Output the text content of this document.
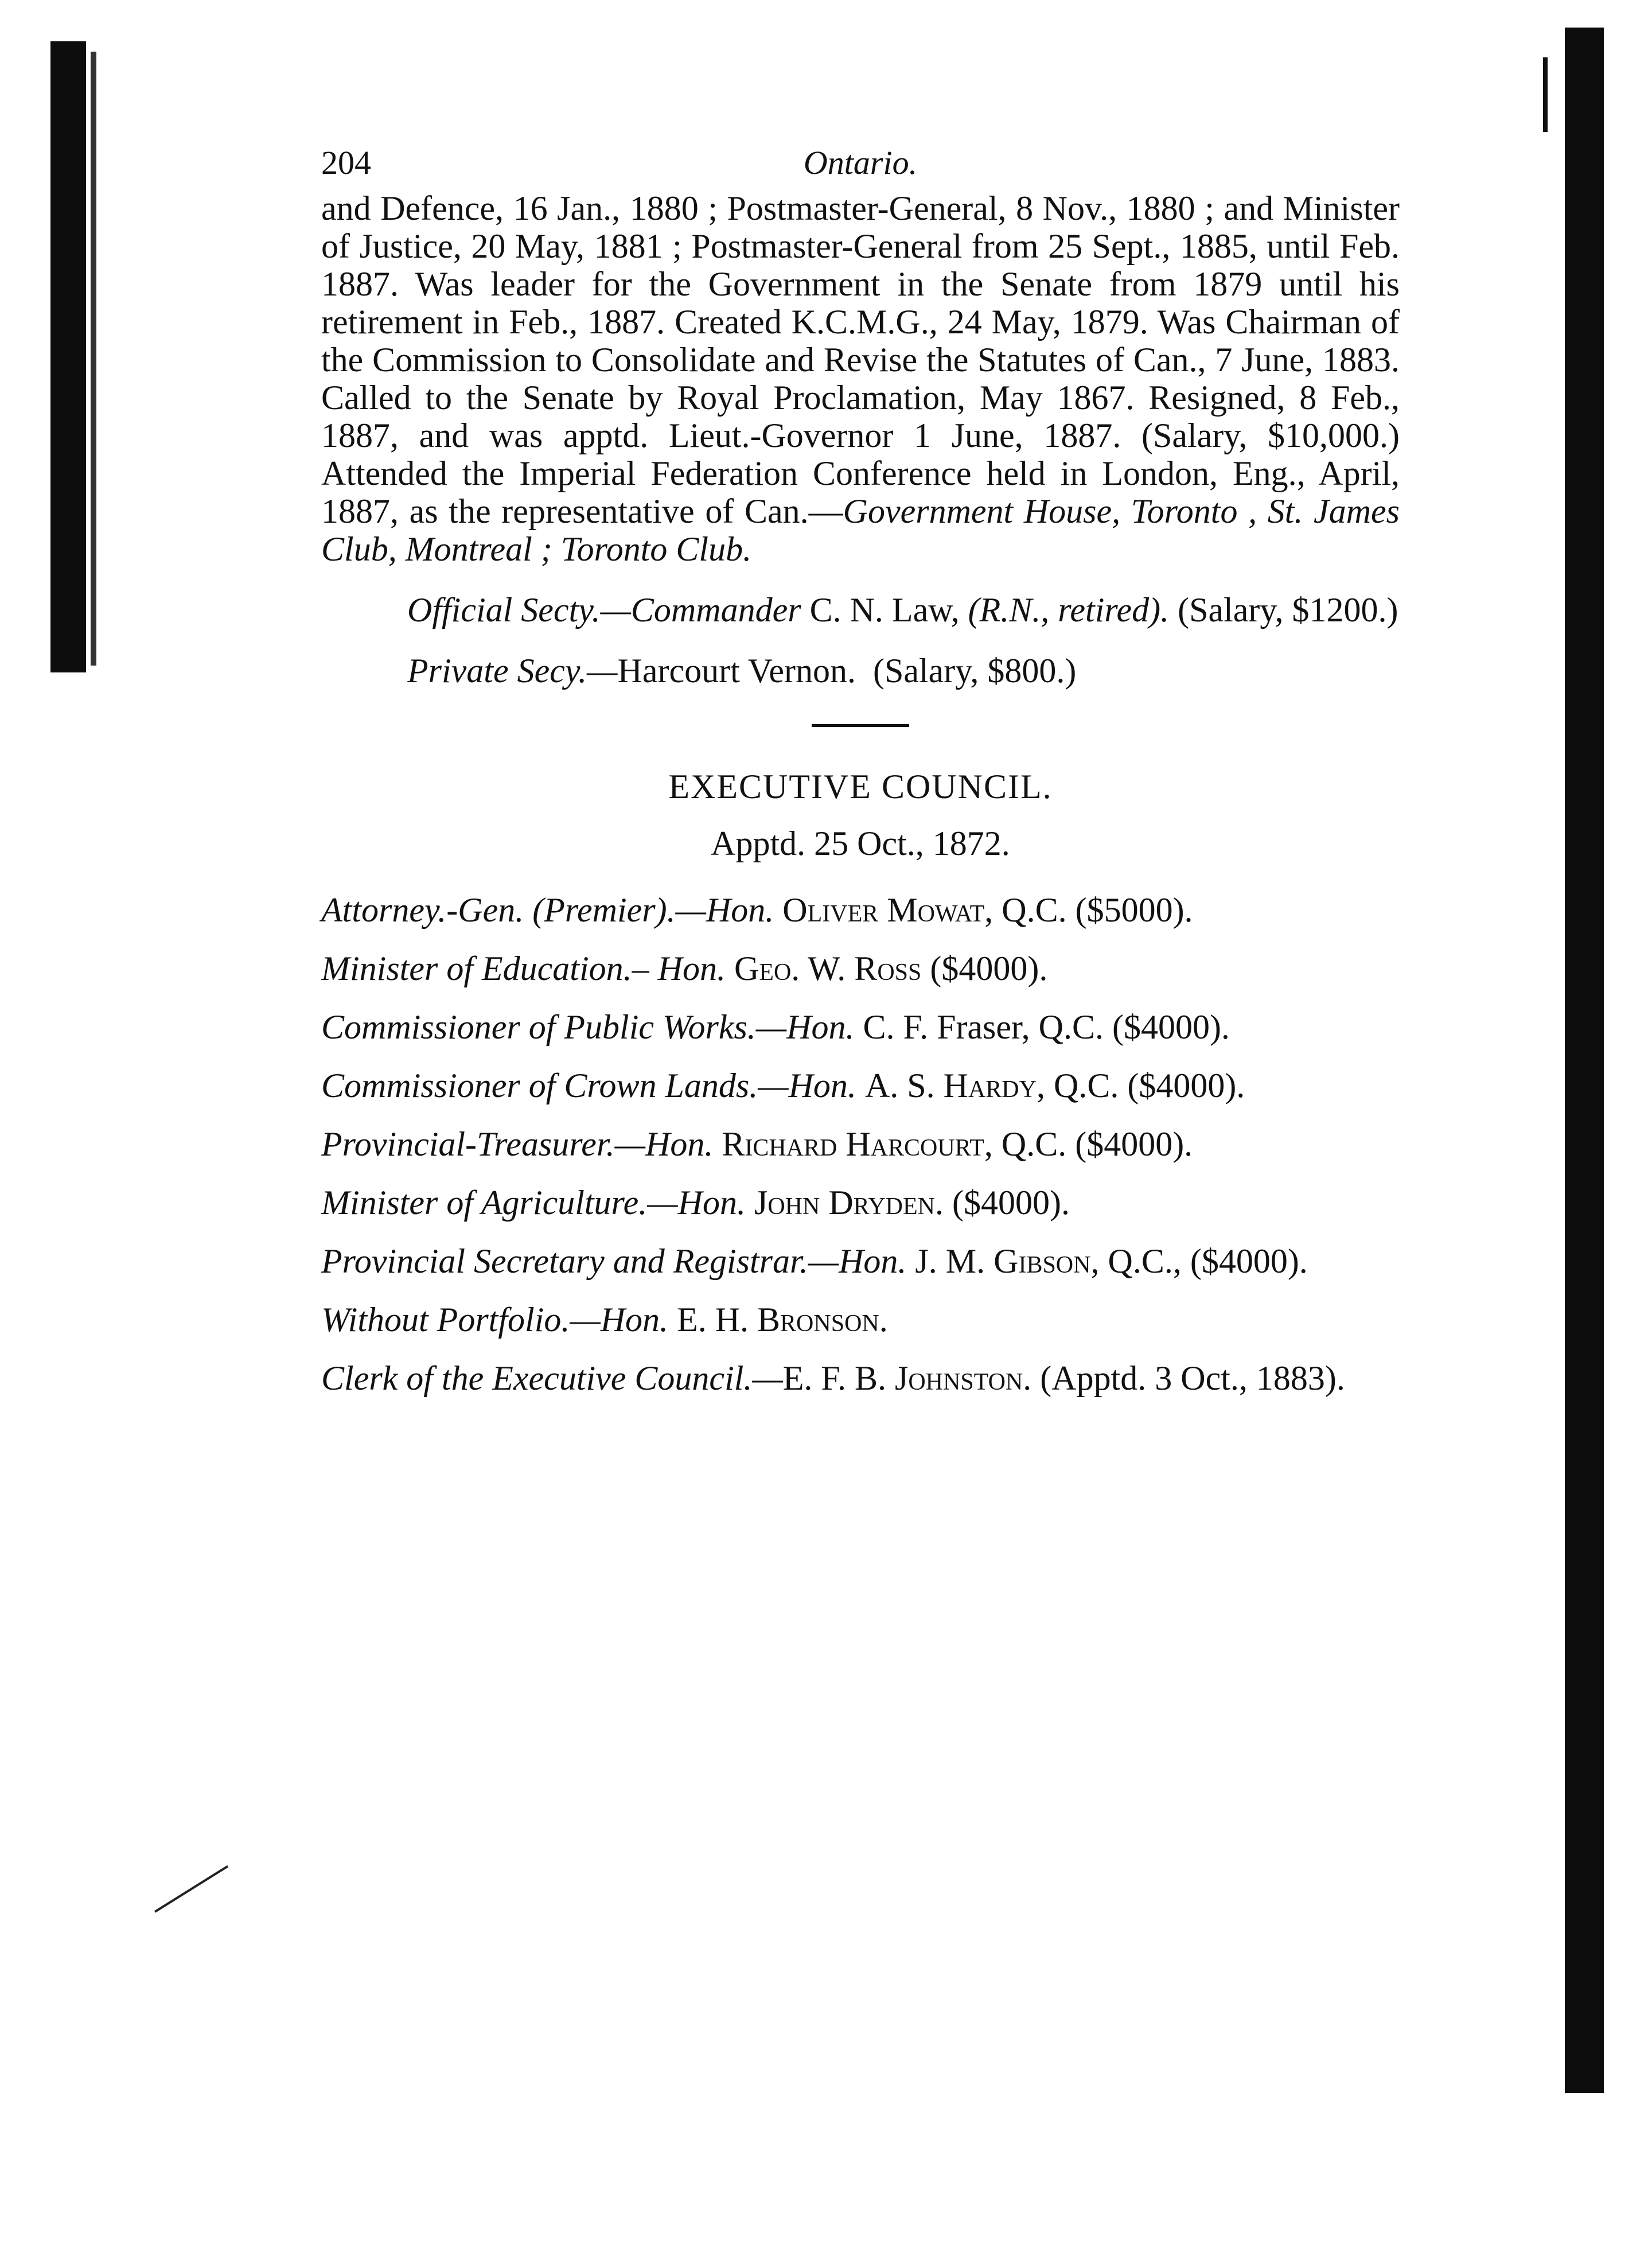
204	Ontario.

and Defence, 16 Jan., 1880 ; Postmaster-General, 8 Nov., 1880 ; and Minister of Justice, 20 May, 1881 ; Postmaster-General from 25 Sept., 1885, until Feb. 1887. Was leader for the Government in the Senate from 1879 until his retirement in Feb., 1887. Created K.C.M.G., 24 May, 1879. Was Chairman of the Commission to Consolidate and Revise the Statutes of Can., 7 June, 1883. Called to the Senate by Royal Proclamation, May 1867. Resigned, 8 Feb., 1887, and was apptd. Lieut.-Governor 1 June, 1887. (Salary, $10,000.) Attended the Imperial Federation Conference held in London, Eng., April, 1887, as the representative of Can.—Government House, Toronto , St. James Club, Montreal ; Toronto Club.

Official Secty.—Commander C. N. Law, (R.N., retired). (Salary, $1200.)

Private Secy.—Harcourt Vernon. (Salary, $800.)

EXECUTIVE COUNCIL.

Apptd. 25 Oct., 1872.

Attorney.-Gen. (Premier).—Hon. Oliver Mowat, Q.C. ($5000).

Minister of Education.– Hon. Geo. W. Ross ($4000).

Commissioner of Public Works.—Hon. C. F. Fraser, Q.C. ($4000).

Commissioner of Crown Lands.—Hon. A. S. Hardy, Q.C. ($4000).

Provincial-Treasurer.—Hon. Richard Harcourt, Q.C. ($4000).

Minister of Agriculture.—Hon. John Dryden. ($4000).

Provincial Secretary and Registrar.—Hon. J. M. Gibson, Q.C., ($4000).

Without Portfolio.—Hon. E. H. Bronson.

Clerk of the Executive Council.—E. F. B. Johnston. (Apptd. 3 Oct., 1883).
